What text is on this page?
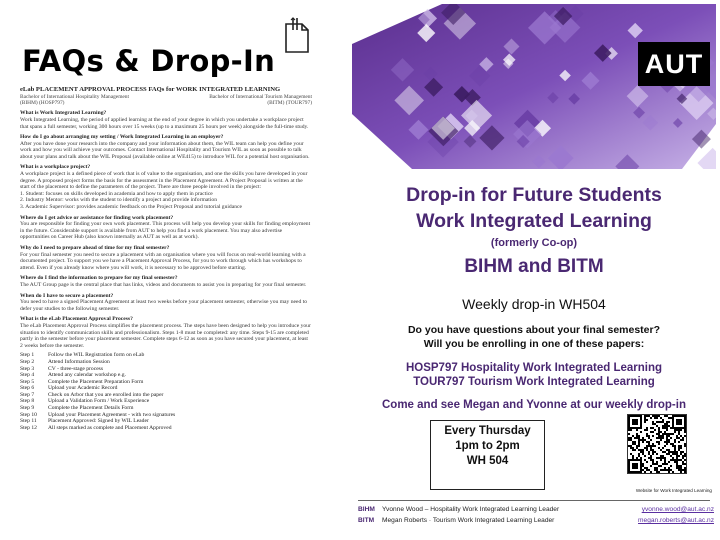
FAQs & Drop-In
eLab PLACEMENT APPROVAL PROCESS FAQs for WORK INTEGRATED LEARNING
Bachelor of International Hospitality Management	Bachelor of International Tourism Management
(BIHM) (HOSP797)	(BITM) (TOUR797)
What is Work Integrated Learning?
Work Integrated Learning, the period of applied learning at the end of your degree in which you undertake a workplace project that spans a full semester, working 300 hours over 15 weeks (up to a maximum 25 hours per week) alongside the full-time study.
How do I go about arranging my setting / Work Integrated Learning in an employer?
After you have done your research into the company and your information about them, the WIL team can help you define your work and how you will achieve your outcomes. Contact International Hospitality and Tourism WIL as soon as possible to talk about your plans and talk about the WIL Proposal (available online at WE415) to introduce WIL for a potential host organisation.
What is a workplace project?
A workplace project is a defined piece of work that is of value to the organisation, and one the skills you have developed in your degree. A proposed project forms the basis for the assessment in the Placement Agreement. A Project Proposal is written at the start of the placement to define the parameters of the project. There are three people involved in the project:
1. Student: focuses on skills developed in academia and how to apply them in practice
2. Industry Mentor: works with the student to identify a project and provide information
3. Academic Supervisor: provides academic feedback on the Project Proposal and tutorial guidance
Where do I get advice or assistance for finding work placement?
You are responsible for finding your own work placement. This process will help you develop your skills for finding employment in the future. Considerable support is available from AUT to help you find a work placement. You may also advertise opportunities on Career Hub (also known internally as AUT as well as at work).
Why do I need to prepare ahead of time for my final semester?
For your final semester you need to secure a placement with an organisation where you will focus on real-world learning with a documented project. To support you we have a Placement Approval Process, for you to work through which has workshops to attend. Even if you already know where you will work, it is necessary to be approved before starting.
Where do I find the information to prepare for my final semester?
The AUT Group page is the central place that has links, videos and documents to assist you in preparing for your final semester.
When do I have to secure a placement?
You need to have a signed Placement Agreement at least two weeks before your placement semester, otherwise you may need to defer your studies to the following semester.
What is the eLab Placement Approval Process?
The eLab Placement Approval Process simplifies the placement process. The steps have been designed to help you introduce your situation to identify communication skills and professionalism. Steps 1-8 must be completed: any time. Steps 9-15 are completed partly in the semester before your placement semester. Complete steps 6-12 as soon as you have secured your placement, at least 2 weeks before the semester.
Step 1	Follow the WIL Registration form on eLab
Step 2	Attend Information Session
Step 3	CV - three-stage process
Step 4	Attend any calendar workshop e.g.
Step 5	Complete the Placement Preparation Form
Step 6	Upload your Academic Record
Step 7	Check on Arbor that you are enrolled into the paper
Step 8	Upload a Validation Form / Work Experience
Step 9	Complete the Placement Details Form
Step 10	Upload your Placement Agreement - with two signatures
Step 11	Placement Approved: Signed by WIL Leader
Step 12	All steps marked as complete and Placement Approved
AUT
Drop-in for Future Students
Work Integrated Learning
(formerly Co-op)
BIHM and BITM
Weekly drop-in WH504
Do you have questions about your final semester?
Will you be enrolling in one of these papers:
HOSP797 Hospitality Work Integrated Learning
TOUR797 Tourism Work Integrated Learning
Come and see Megan and Yvonne at our weekly drop-in
Every Thursday
1pm to 2pm
WH 504
Website for Work Integrated Learning
BIHM	Yvonne Wood – Hospitality Work Integrated Learning Leader	yvonne.wood@aut.ac.nz
BITM	Megan Roberts · Tourism Work Integrated Learning Leader	megan.roberts@aut.ac.nz
